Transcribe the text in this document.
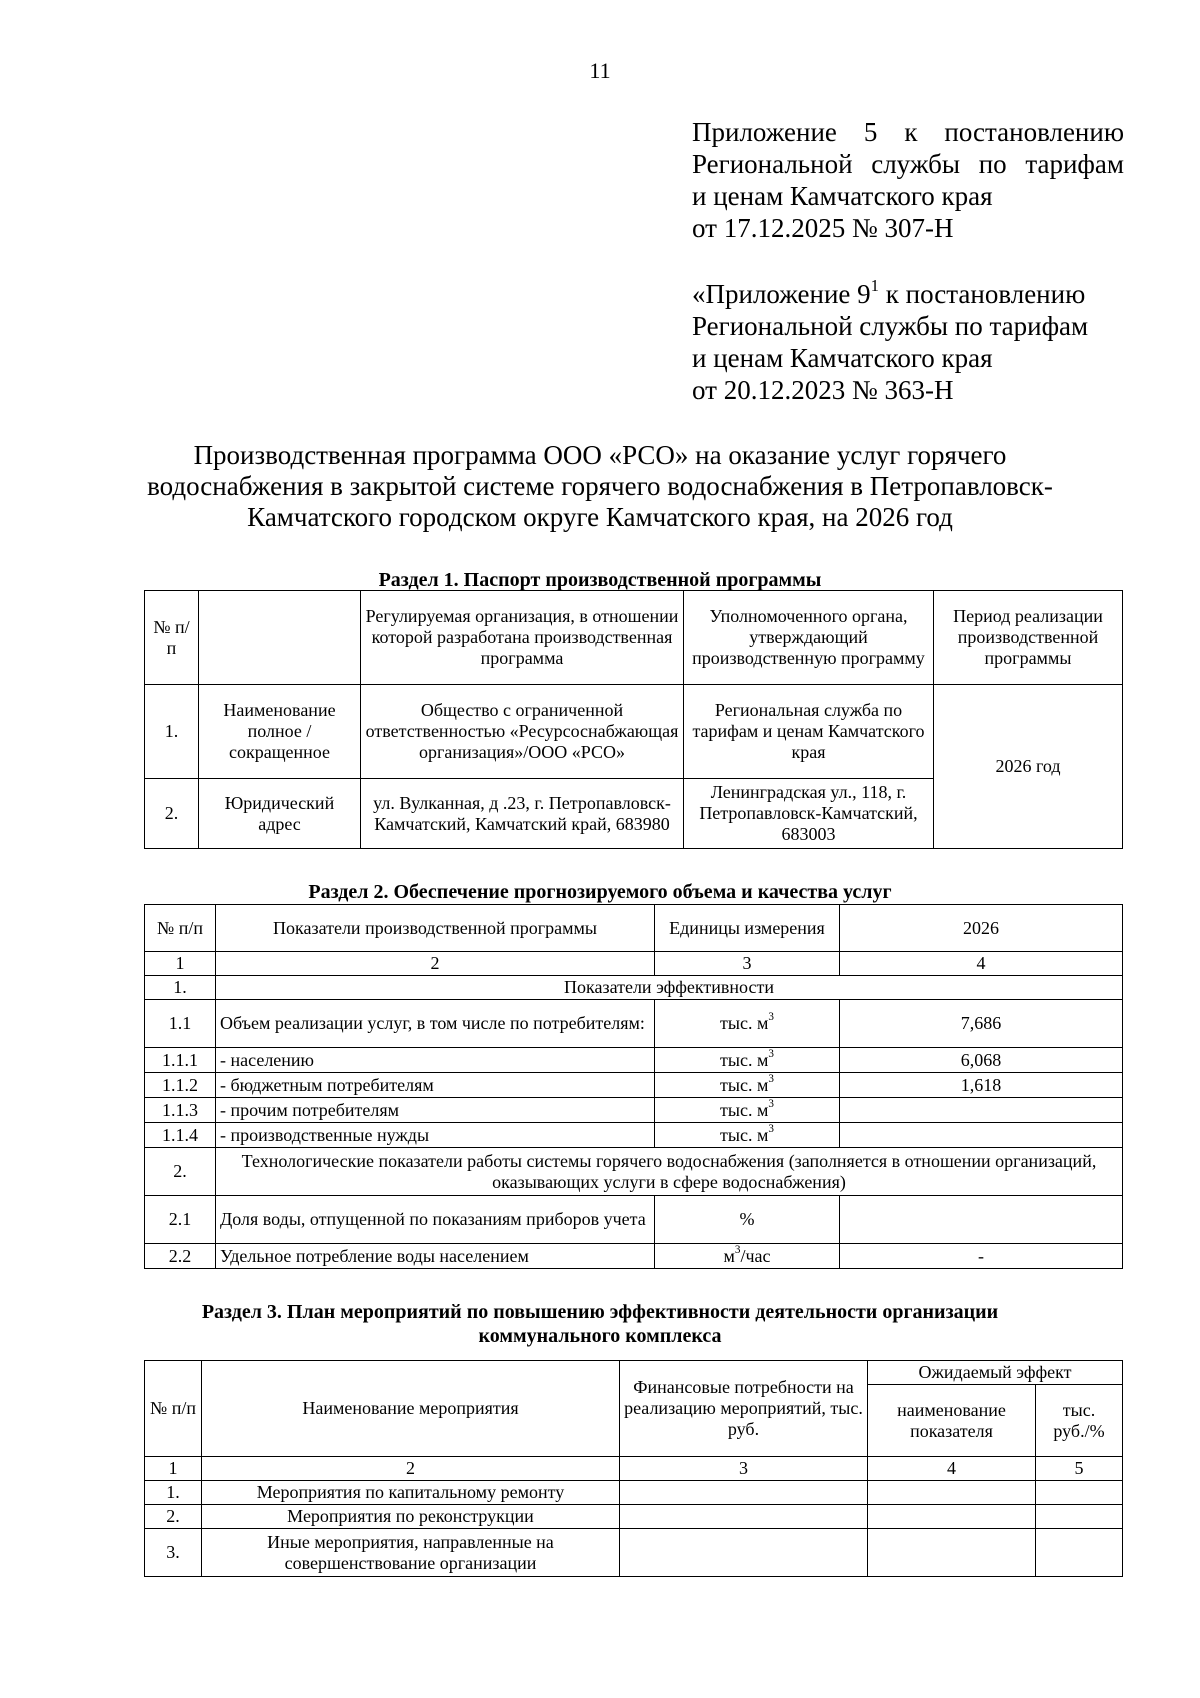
11
Приложение 5 к постановлению
Региональной службы по тарифам
и ценам Камчатского края
от 17.12.2025 № 307-Н
«Приложение $9^1$ к постановлению
Региональной службы по тарифам
и ценам Камчатского края
от 20.12.2023 № 363-Н
Производственная программа ООО «РСО» на оказание услуг горячего
водоснабжения в закрытой системе горячего водоснабжения в Петропавловск-
Камчатского городском округе Камчатского края, на 2026 год
Раздел 1. Паспорт производственной программы
№ п/п		Регулируемая организация, в отношении которой разработана производственная программа	Уполномоченного органа, утверждающий производственную программу	Период реализации производственной программы
1.	Наименование полное / сокращенное	Общество с ограниченной ответственностью «Ресурсоснабжающая организация»/ООО «РСО»	Региональная служба по тарифам и ценам Камчатского края	2026 год
2.	Юридический адрес	ул. Вулканная, д .23, г. Петропавловск-Камчатский, Камчатский край, 683980	Ленинградская ул., 118, г. Петропавловск-Камчатский, 683003	
Раздел 2. Обеспечение прогнозируемого объема и качества услуг
№ п/п	Показатели производственной программы	Единицы измерения	2026
1	2	3	4
1.	Показатели эффективности		
1.1	Объем реализации услуг, в том числе по потребителям:	тыс. $м^3$	7,686
1.1.1	- населению	тыс. $м^3$	6,068
1.1.2	- бюджетным потребителям	тыс. $м^3$	1,618
1.1.3	- прочим потребителям	тыс. $м^3$	
1.1.4	- производственные нужды	тыс. $м^3$	
2.	Технологические показатели работы системы горячего водоснабжения (заполняется в отношении организаций, оказывающих услуги в сфере водоснабжения)		
2.1	Доля воды, отпущенной по показаниям приборов учета	%	
2.2	Удельное потребление воды населением	$м^3$/час	-
Раздел 3. План мероприятий по повышению эффективности деятельности организации
коммунального комплекса
№ п/п	Наименование мероприятия	Финансовые потребности на реализацию мероприятий, тыс. руб.	Ожидаемый эффект	
			наименование показателя	тыс. руб./%
1	2	3	4	5
1.	Мероприятия по капитальному ремонту			
2.	Мероприятия по реконструкции			
3.	Иные мероприятия, направленные на совершенствование организации			
